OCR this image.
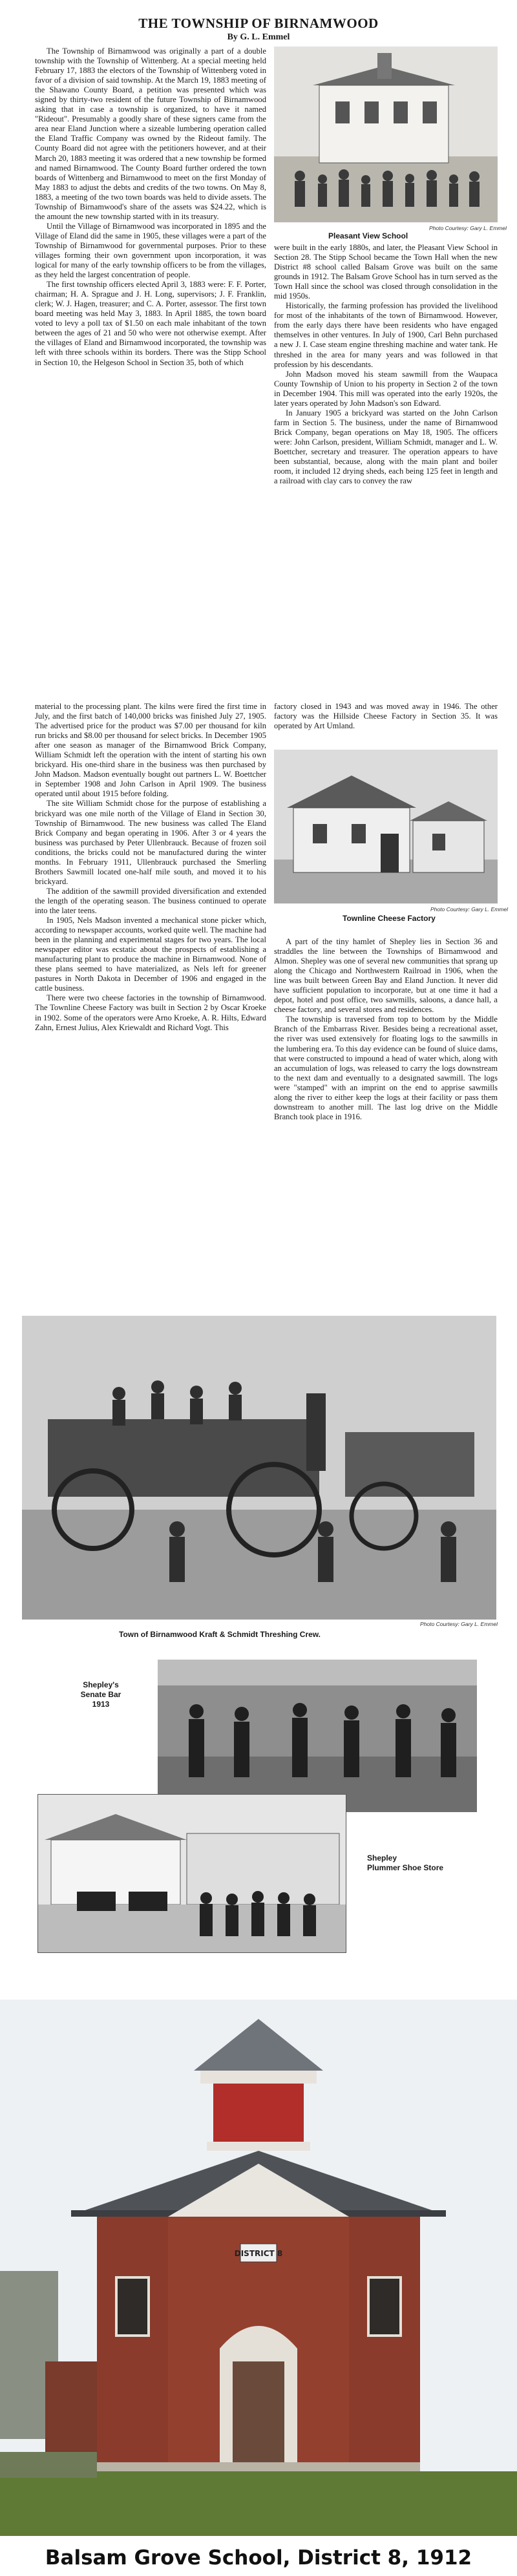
THE TOWNSHIP OF BIRNAMWOOD
By G. L. Emmel

The Township of Birnamwood was originally a part of a double township with the Township of Wittenberg. At a special meeting held February 17, 1883 the electors of the Township of Wittenberg voted in favor of a division of said township. At the March 19, 1883 meeting of the Shawano County Board, a petition was presented which was signed by thirty-two resident of the future Township of Birnamwood asking that in case a township is organized, to have it named "Rideout". Presumably a goodly share of these signers came from the area near Eland Junction where a sizeable lumbering operation called the Eland Traffic Company was owned by the Rideout family. The County Board did not agree with the petitioners however, and at their March 20, 1883 meeting it was ordered that a new township be formed and named Birnamwood. The County Board further ordered the town boards of Wittenberg and Birnamwood to meet on the first Monday of May 1883 to adjust the debts and credits of the two towns. On May 8, 1883, a meeting of the two town boards was held to divide assets. The Township of Birnamwood's share of the assets was $24.22, which is the amount the new township started with in its treasury.

Until the Village of Birnamwood was incorporated in 1895 and the Village of Eland did the same in 1905, these villages were a part of the Township of Birnamwood for governmental purposes. Prior to these villages forming their own government upon incorporation, it was logical for many of the early township officers to be from the villages, as they held the largest concentration of people.

The first township officers elected April 3, 1883 were: F. F. Porter, chairman; H. A. Sprague and J. H. Long, supervisors; J. F. Franklin, clerk; W. J. Hagen, treasurer; and C. A. Porter, assessor. The first town board meeting was held May 3, 1883. In April 1885, the town board voted to levy a poll tax of $1.50 on each male inhabitant of the town between the ages of 21 and 50 who were not otherwise exempt. After the villages of Eland and Birnamwood incorporated, the township was left with three schools within its borders. There was the Stipp School in Section 10, the Helgeson School in Section 35, both of which

Photo Courtesy: Gary L. Emmel
Pleasant View School

were built in the early 1880s, and later, the Pleasant View School in Section 28. The Stipp School became the Town Hall when the new District #8 school called Balsam Grove was built on the same grounds in 1912. The Balsam Grove School has in turn served as the Town Hall since the school was closed through consolidation in the mid 1950s.

Historically, the farming profession has provided the livelihood for most of the inhabitants of the town of Birnamwood. However, from the early days there have been residents who have engaged themselves in other ventures. In July of 1900, Carl Behn purchased a new J. I. Case steam engine threshing machine and water tank. He threshed in the area for many years and was followed in that profession by his descendants.

John Madson moved his steam sawmill from the Waupaca County Township of Union to his property in Section 2 of the town in December 1904. This mill was operated into the early 1920s, the later years operated by John Madson's son Edward.

In January 1905 a brickyard was started on the John Carlson farm in Section 5. The business, under the name of Birnamwood Brick Company, began operations on May 18, 1905. The officers were: John Carlson, president, William Schmidt, manager and L. W. Boettcher, secretary and treasurer. The operation appears to have been substantial, because, along with the main plant and boiler room, it included 12 drying sheds, each being 125 feet in length and a railroad with clay cars to convey the raw

material to the processing plant. The kilns were fired the first time in July, and the first batch of 140,000 bricks was finished July 27, 1905. The advertised price for the product was $7.00 per thousand for kiln run bricks and $8.00 per thousand for select bricks. In December 1905 after one season as manager of the Birnamwood Brick Company, William Schmidt left the operation with the intent of starting his own brickyard. His one-third share in the business was then purchased by John Madson. Madson eventually bought out partners L. W. Boettcher in September 1908 and John Carlson in April 1909. The business operated until about 1915 before folding.

The site William Schmidt chose for the purpose of establishing a brickyard was one mile north of the Village of Eland in Section 30, Township of Birnamwood. The new business was called The Eland Brick Company and began operating in 1906. After 3 or 4 years the business was purchased by Peter Ullenbrauck. Because of frozen soil conditions, the bricks could not be manufactured during the winter months. In February 1911, Ullenbrauck purchased the Smerling Brothers Sawmill located one-half mile south, and moved it to his brickyard.

The addition of the sawmill provided diversification and extended the length of the operating season. The business continued to operate into the later teens.

In 1905, Nels Madson invented a mechanical stone picker which, according to newspaper accounts, worked quite well. The machine had been in the planning and experimental stages for two years. The local newspaper editor was ecstatic about the prospects of establishing a manufacturing plant to produce the machine in Birnamwood. None of these plans seemed to have materialized, as Nels left for greener pastures in North Dakota in December of 1906 and engaged in the cattle business.

There were two cheese factories in the township of Birnamwood. The Townline Cheese Factory was built in Section 2 by Oscar Kroeke in 1902. Some of the operators were Arno Kroeke, A. R. Hilts, Edward Zahn, Ernest Julius, Alex Kriewaldt and Richard Vogt. This

factory closed in 1943 and was moved away in 1946. The other factory was the Hillside Cheese Factory in Section 35. It was operated by Art Umland.

Photo Courtesy: Gary L. Emmel
Townline Cheese Factory

A part of the tiny hamlet of Shepley lies in Section 36 and straddles the line between the Townships of Birnamwood and Almon. Shepley was one of several new communities that sprang up along the Chicago and Northwestern Railroad in 1906, when the line was built between Green Bay and Eland Junction. It never did have sufficient population to incorporate, but at one time it had a depot, hotel and post office, two sawmills, saloons, a dance hall, a cheese factory, and several stores and residences.

The township is traversed from top to bottom by the Middle Branch of the Embarrass River. Besides being a recreational asset, the river was used extensively for floating logs to the sawmills in the lumbering era. To this day evidence can be found of sluice dams, that were constructed to impound a head of water which, along with an accumulation of logs, was released to carry the logs downstream to the next dam and eventually to a designated sawmill. The logs were "stamped" with an imprint on the end to apprise sawmills along the river to either keep the logs at their facility or pass them downstream to another mill. The last log drive on the Middle Branch took place in 1916.

Photo Courtesy: Gary L. Emmel
Town of Birnamwood Kraft & Schmidt Threshing Crew.
Shepley's
Senate Bar
1913
Shepley
Plummer Shoe Store
DISTRICT 8
Balsam Grove School, District 8, 1912
